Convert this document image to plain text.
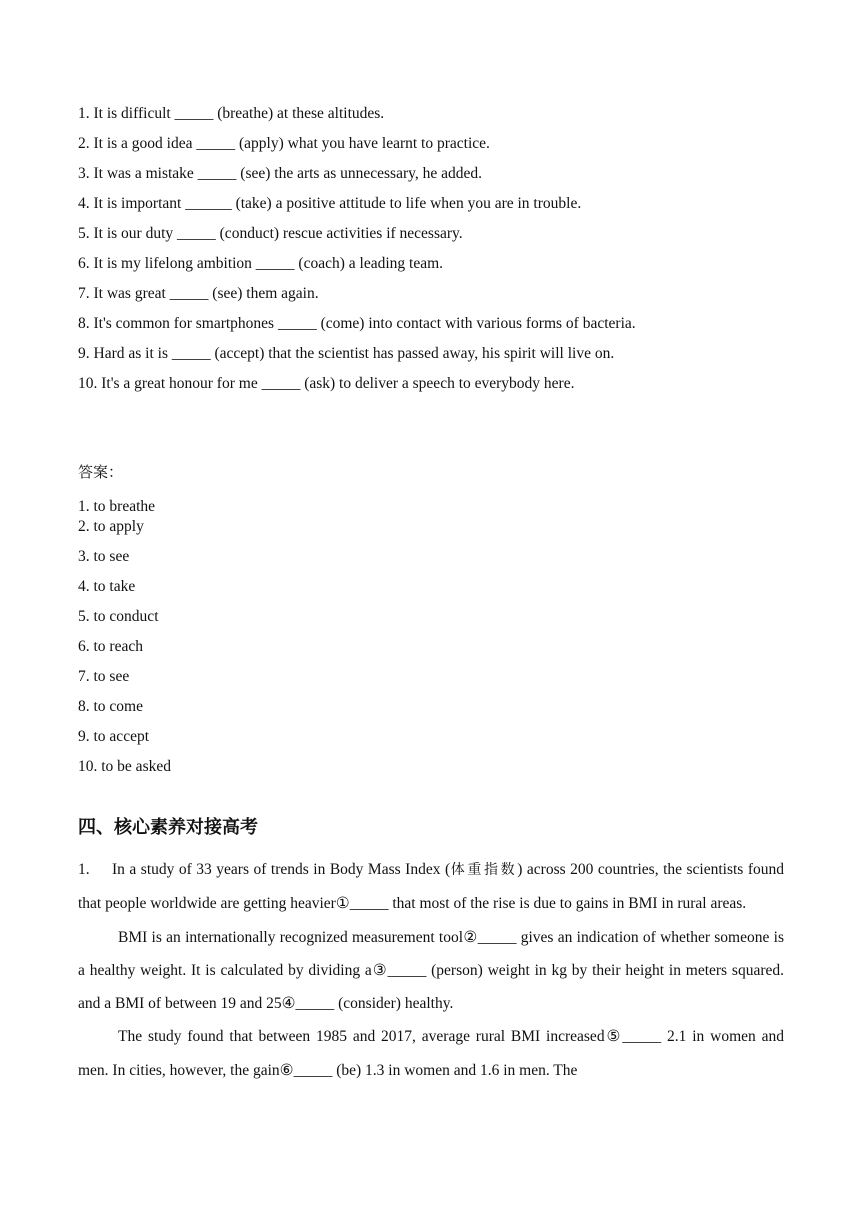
1. It is difficult _____ (breathe) at these altitudes.
2. It is a good idea _____ (apply) what you have learnt to practice.
3. It was a mistake _____ (see) the arts as unnecessary, he added.
4. It is important ______ (take) a positive attitude to life when you are in trouble.
5. It is our duty _____ (conduct) rescue activities if necessary.
6. It is my lifelong ambition _____ (coach) a leading team.
7. It was great _____ (see) them again.
8. It's common for smartphones _____ (come) into contact with various forms of bacteria.
9. Hard as it is _____ (accept) that the scientist has passed away, his spirit will live on.
10. It's a great honour for me _____ (ask) to deliver a speech to everybody here.
答案：
1. to breathe
2. to apply
3. to see
4. to take
5. to conduct
6. to reach
7. to see
8. to come
9. to accept
10. to be asked
四、核心素养对接高考

1. In a study of 33 years of trends in Body Mass Index (体重指数) across 200 countries, the scientists found that people worldwide are getting heavier①_____ that most of the rise is due to gains in BMI in rural areas.

BMI is an internationally recognized measurement tool②_____ gives an indication of whether someone is a healthy weight. It is calculated by dividing a③_____ (person) weight in kg by their height in meters squared. and a BMI of between 19 and 25④_____ (consider) healthy.

The study found that between 1985 and 2017, average rural BMI increased⑤_____ 2.1 in women and men. In cities, however, the gain⑥_____ (be) 1.3 in women and 1.6 in men. The
